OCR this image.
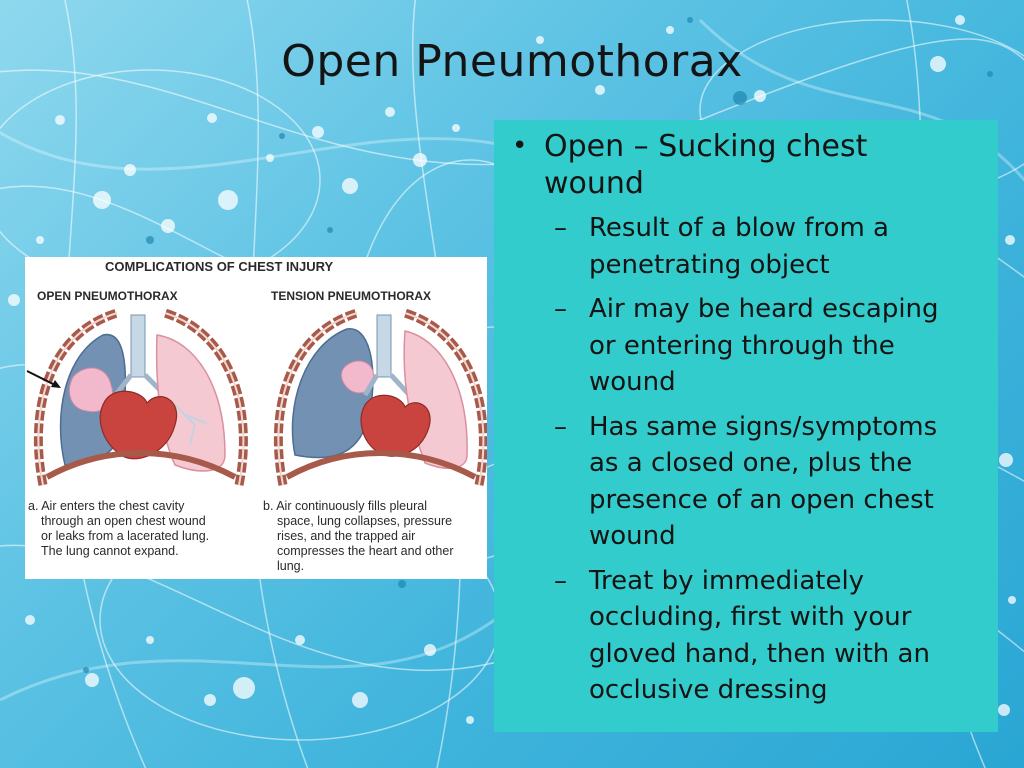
Open Pneumothorax
COMPLICATIONS OF CHEST INJURY
OPEN PNEUMOTHORAX	TENSION PNEUMOTHORAX
a. Air enters the chest cavity
through an open chest wound
or leaks from a lacerated lung.
The lung cannot expand.
b. Air continuously fills pleural
space, lung collapses, pressure
rises, and the trapped air
compresses the heart and other
lung.
• Open – Sucking chest
wound
– Result of a blow from a
penetrating object
– Air may be heard escaping
or entering through the
wound
– Has same signs/symptoms
as a closed one, plus the
presence of an open chest
wound
– Treat by immediately
occluding, first with your
gloved hand, then with an
occlusive dressing
